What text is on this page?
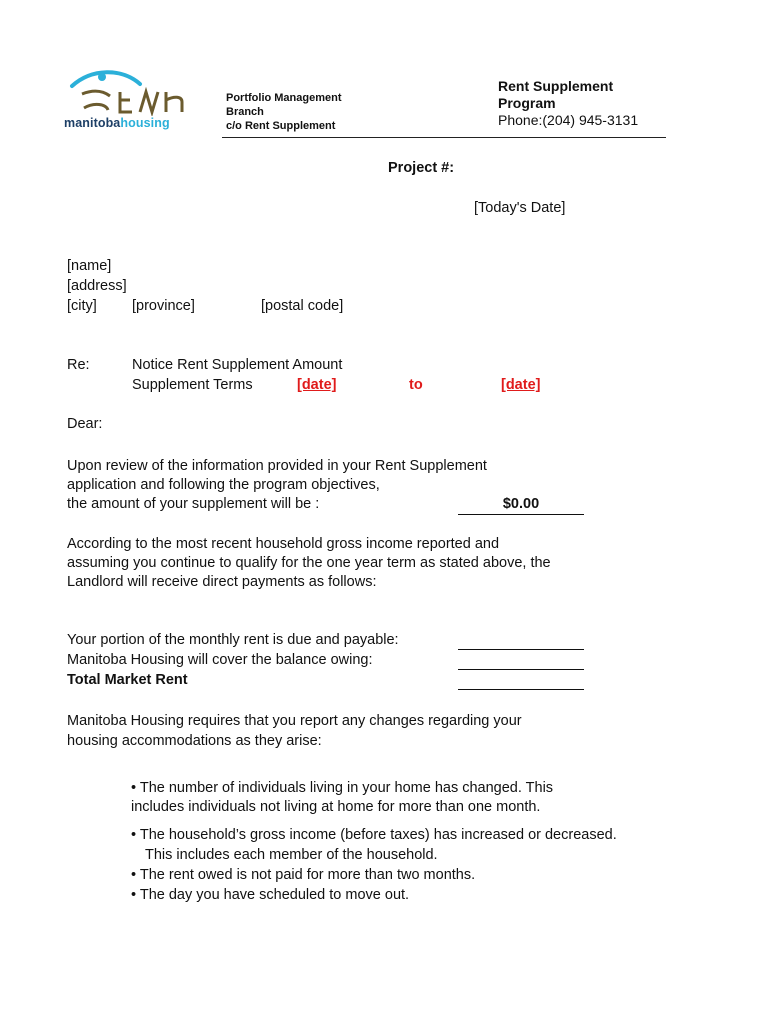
manitobahousing
Portfolio Management
Branch
c/o Rent Supplement
Rent Supplement
Program
Phone:(204) 945-3131
Project #:
[Today's Date]
[name]
[address]
[city] [province]	[postal code]
Re:	Notice Rent Supplement Amount
Supplement Terms	[date]	to	[date]
Dear:
Upon review of the information provided in your Rent Supplement
application and following the program objectives,
the amount of your supplement will be :	$0.00
According to the most recent household gross income reported and
assuming you continue to qualify for the one year term as stated above, the
Landlord will receive direct payments as follows:
Your portion of the monthly rent is due and payable:
Manitoba Housing will cover the balance owing:
Total Market Rent
Manitoba Housing requires that you report any changes regarding your
housing accommodations as they arise:
• The number of individuals living in your home has changed. This
includes individuals not living at home for more than one month.
• The household’s gross income (before taxes) has increased or decreased.
This includes each member of the household.
• The rent owed is not paid for more than two months.
• The day you have scheduled to move out.
